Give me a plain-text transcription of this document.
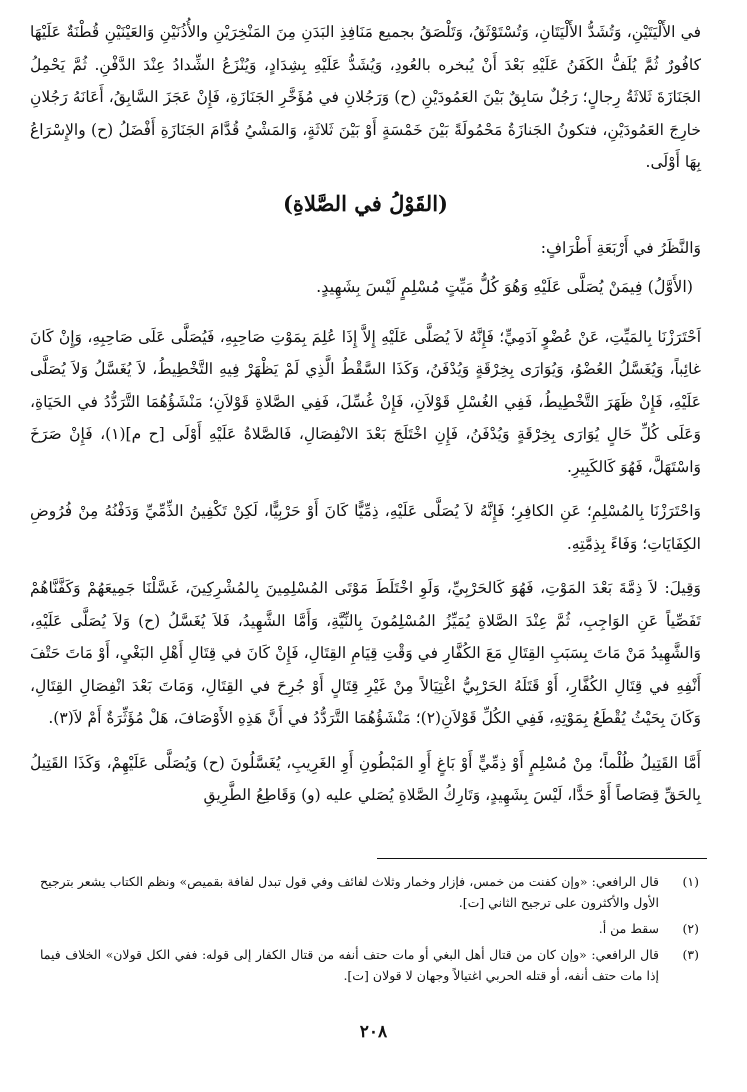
في الأَلْيَتَيْنِ، وَتُشَدُّ الأَلْيَتَانِ، وَتُسْتَوْثَقُ، وَتَلْصَقُ بجميع مَنَافِذِ البَدَنِ مِنَ المَنْخِرَيْنِ والأُذُنَيْنِ وَالعَيْنَيْنِ قُطْنَةٌ عَلَيْهَا كافُورٌ ثُمَّ يُلَفُّ الكَفَنُ عَلَيْهِ بَعْدَ أَنْ يُبخره بالعُودِ، وَيُشَدُّ عَلَيْهِ بِشِدَادٍ، وَيُنْزَعُ الشِّدادُ عِنْدَ الدَّفْنِ. ثُمَّ يَحْمِلُ الجَنَازَةَ ثَلاثَةُ رِجالٍ؛ رَجُلٌ سَابِقٌ بَيْنَ العَمُودَيْنِ (ح) وَرَجُلانِ في مُؤَخَّرِ الجَنَازَةِ، فَإِنْ عَجَزَ السَّابِقُ، أَعَانَهُ رَجُلانِ خارِجَ العَمُودَيْنِ، فتكونُ الجَنازَةُ مَحْمُولَةً بَيْنَ خَمْسَةٍ أَوْ بَيْنَ ثَلاثَةٍ، وَالمَشْيُ قُدَّامَ الجَنَازَةِ أَفْضَلُ (ح) والإِسْرَاعُ بِهَا أَوْلَى.

(القَوْلُ في الصَّلاةِ)

وَالنَّظَرُ في أَرْبَعَةِ أَطْرَافٍ:

(الأَوَّلُ) فِيمَنْ يُصَلَّى عَلَيْهِ وَهُوَ كُلُّ مَيِّتٍ مُسْلِمٍ لَيْسَ بِشَهِيدٍ.

اَحْتَرَزْنَا بِالمَيِّتِ، عَنْ عُضْوٍ آدَمِيٍّ؛ فَإِنَّهُ لاَ يُصَلَّى عَلَيْهِ إِلاَّ إِذَا عُلِمَ بِمَوْتِ صَاحِبِهِ، فَيُصَلَّى عَلَى صَاحِبِهِ، وَإِنْ كَانَ غائِباً، وَيُغَسَّلُ العُضْوُ، وَيُوَارَى بِخِرْقَةٍ وَيُدْفَنُ، وَكَذَا السَّقْطُ الَّذِي لَمْ يَظْهَرْ فِيهِ التَّخْطِيطُ، لاَ يُغَسَّلُ وَلاَ يُصَلَّى عَلَيْهِ، فَإِنْ ظَهَرَ التَّخْطِيطُ، فَفِي الغُسْلِ قَوْلاَنِ، فَإِنْ غُسِّلَ، فَفِي الصَّلاةِ قَوْلاَنِ؛ مَنْشَؤُهُمَا التَّرَدُّدُ في الحَيَاةِ، وَعَلَى كُلِّ حَالٍ يُوَارَى بِخِرْقَةٍ وَيُدْفَنُ، فَإِنِ اخْتَلَجَ بَعْدَ الانْفِصَالِ، فَالصَّلاةُ عَلَيْهِ أَوْلَى [ح م](١)، فَإِنْ صَرَخَ وَاسْتَهَلَّ، فَهُوَ كَالكَبِيرِ.

وَاحْتَرَزْنَا بِالمُسْلِمِ؛ عَنِ الكافِرِ؛ فَإِنَّهُ لاَ يُصَلَّى عَلَيْهِ، ذِمِّيًّا كَانَ أَوْ حَرْبِيًّا، لَكِنْ تَكْفِينُ الذِّمِّيِّ وَدَفْنُهُ مِنْ فُرُوضِ الكِفَايَاتِ؛ وَفَاءً بِذِمَّتِهِ.

وَقِيلَ: لاَ ذِمَّةَ بَعْدَ المَوْتِ، فَهُوَ كَالحَرْبِيِّ، وَلَوِ اخْتَلَطَ مَوْتَى المُسْلِمِينَ بِالمُشْرِكِينَ، غَسَّلْنَا جَمِيعَهُمْ وَكَفَّنَّاهُمْ تَفَصِّياً عَنِ الوَاجِبِ، ثُمَّ عِنْدَ الصَّلاةِ يُمَيِّزُ المُسْلِمُونَ بِالنِّيَّةِ، وَأَمَّا الشَّهِيدُ، فَلاَ يُغَسَّلُ (ح) وَلاَ يُصَلَّى عَلَيْهِ، وَالشَّهِيدُ مَنْ مَاتَ بِسَبَبِ القِتَالِ مَعَ الكُفَّارِ في وَقْتِ قِيَامِ القِتَالِ، فَإِنْ كَانَ في قِتَالِ أَهْلِ البَغْيِ، أَوْ مَاتَ حَتْفَ أَنْفِهِ في قِتَالِ الكُفَّارِ، أَوْ قَتَلَهُ الحَرْبِيُّ اغْتِيَالاً مِنْ غَيْرِ قِتَالٍ أَوْ جُرِحَ في القِتَالِ، وَمَاتَ بَعْدَ انْفِصَالِ القِتَالِ، وَكَانَ بِحَيْثُ يُقْطَعُ بِمَوْتِهِ، فَفِي الكُلِّ قَوْلاَنِ(٢)؛ مَنْشَؤُهُمَا التَّرَدُّدُ في أَنَّ هَذِهِ الأَوْصَافَ، هَلْ مُؤَثِّرَةٌ أَمْ لاَ(٣).

أَمَّا القَتِيلُ ظُلْماً؛ مِنْ مُسْلِمٍ أَوْ ذِمِّيٍّ أَوْ بَاغٍ أَوِ المَبْطُونِ أَوِ الغَرِيبِ، يُغَسَّلُونَ (ح) وَيُصَلَّى عَلَيْهِمْ، وَكَذَا القَتِيلُ بِالحَقِّ قِصَاصاً أَوْ حَدًّا، لَيْسَ بِشَهِيدٍ، وَتَارِكُ الصَّلاةِ يُصَلي عليه (و) وَقَاطِعُ الطَّرِيقِ

(١)
قال الرافعي: «وإن كفنت من خمس، فإزار وخمار وثلاث لفائف وفي قول تبدل لفافة بقميص» ونظم الكتاب يشعر بترجيح الأول والأكثرون على ترجيح الثاني [ت].
(٢)
سقط من أ.
(٣)
قال الرافعي: «وإن كان من قتال أهل البغي أو مات حتف أنفه من قتال الكفار إلى قوله: ففي الكل قولان» الخلاف فيما إذا مات حتف أنفه، أو قتله الحربي اغتيالاً وجهان لا قولان [ت].
٢٠٨
